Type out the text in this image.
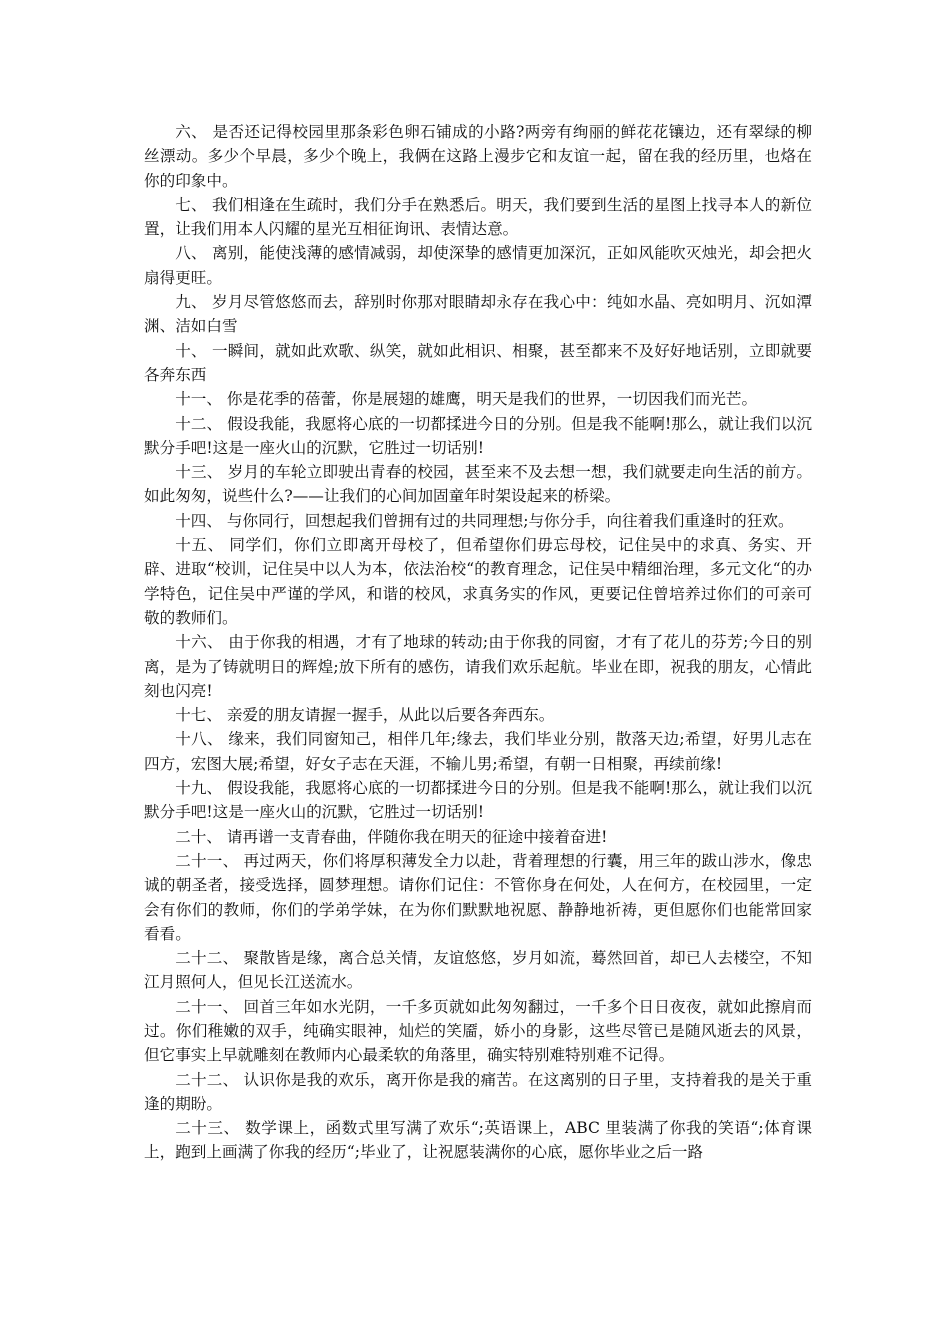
六、 是否还记得校园里那条彩色卵石铺成的小路?两旁有绚丽的鲜花花镶边，还有翠绿的柳丝漂动。多少个早晨，多少个晚上，我俩在这路上漫步它和友谊一起，留在我的经历里，也烙在你的印象中。

七、 我们相逢在生疏时，我们分手在熟悉后。明天，我们要到生活的星图上找寻本人的新位置，让我们用本人闪耀的星光互相征询讯、表情达意。

八、 离别，能使浅薄的感情减弱，却使深挚的感情更加深沉，正如风能吹灭烛光，却会把火扇得更旺。

九、 岁月尽管悠悠而去，辞别时你那对眼睛却永存在我心中：纯如水晶、亮如明月、沉如潭渊、洁如白雪

十、 一瞬间，就如此欢歌、纵笑，就如此相识、相聚，甚至都来不及好好地话别，立即就要各奔东西

十一、 你是花季的蓓蕾，你是展翅的雄鹰，明天是我们的世界，一切因我们而光芒。

十二、 假设我能，我愿将心底的一切都揉进今日的分别。但是我不能啊!那么，就让我们以沉默分手吧!这是一座火山的沉默，它胜过一切话别!

十三、 岁月的车轮立即驶出青春的校园，甚至来不及去想一想，我们就要走向生活的前方。如此匆匆，说些什么?——让我们的心间加固童年时架设起来的桥梁。

十四、 与你同行，回想起我们曾拥有过的共同理想;与你分手，向往着我们重逢时的狂欢。

十五、 同学们，你们立即离开母校了，但希望你们毋忘母校，记住吴中的求真、务实、开辟、进取“校训，记住吴中以人为本，依法治校“的教育理念，记住吴中精细治理，多元文化“的办学特色，记住吴中严谨的学风，和谐的校风，求真务实的作风，更要记住曾培养过你们的可亲可敬的教师们。

十六、 由于你我的相遇，才有了地球的转动;由于你我的同窗，才有了花儿的芬芳;今日的别离，是为了铸就明日的辉煌;放下所有的感伤，请我们欢乐起航。毕业在即，祝我的朋友，心情此刻也闪亮!

十七、 亲爱的朋友请握一握手，从此以后要各奔西东。

十八、 缘来，我们同窗知己，相伴几年;缘去，我们毕业分别，散落天边;希望，好男儿志在四方，宏图大展;希望，好女子志在天涯，不输儿男;希望，有朝一日相聚，再续前缘!

十九、 假设我能，我愿将心底的一切都揉进今日的分别。但是我不能啊!那么，就让我们以沉默分手吧!这是一座火山的沉默，它胜过一切话别!

二十、 请再谱一支青春曲，伴随你我在明天的征途中接着奋进!

二十一、 再过两天，你们将厚积薄发全力以赴，背着理想的行囊，用三年的跋山涉水，像忠诚的朝圣者，接受选择，圆梦理想。请你们记住：不管你身在何处，人在何方，在校园里，一定会有你们的教师，你们的学弟学妹，在为你们默默地祝愿、静静地祈祷，更但愿你们也能常回家看看。

二十二、 聚散皆是缘，离合总关情，友谊悠悠，岁月如流，蓦然回首，却已人去楼空，不知江月照何人，但见长江送流水。

二十一、 回首三年如水光阴，一千多页就如此匆匆翻过，一千多个日日夜夜，就如此擦肩而过。你们稚嫩的双手，纯确实眼神，灿烂的笑靥，娇小的身影，这些尽管已是随风逝去的风景，但它事实上早就雕刻在教师内心最柔软的角落里，确实特别难特别难不记得。

二十二、 认识你是我的欢乐，离开你是我的痛苦。在这离别的日子里，支持着我的是关于重逢的期盼。

二十三、 数学课上，函数式里写满了欢乐“;英语课上，ABC 里装满了你我的笑语“;体育课上，跑到上画满了你我的经历“;毕业了，让祝愿装满你的心底，愿你毕业之后一路
